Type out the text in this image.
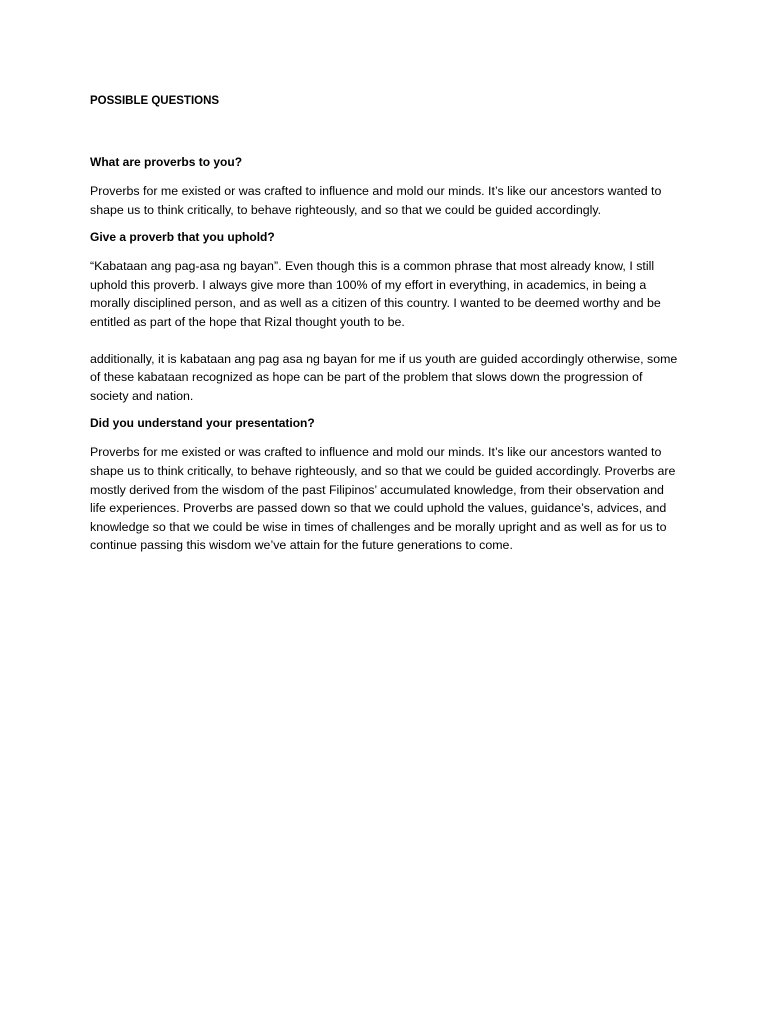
POSSIBLE QUESTIONS
What are proverbs to you?

Proverbs for me existed or was crafted to influence and mold our minds. It’s like our ancestors wanted to shape us to think critically, to behave righteously, and so that we could be guided accordingly.

Give a proverb that you uphold?

“Kabataan ang pag-asa ng bayan”. Even though this is a common phrase that most already know, I still uphold this proverb. I always give more than 100% of my effort in everything, in academics, in being a morally disciplined person, and as well as a citizen of this country. I wanted to be deemed worthy and be entitled as part of the hope that Rizal thought youth to be.

additionally, it is kabataan ang pag asa ng bayan for me if us youth are guided accordingly otherwise, some of these kabataan recognized as hope can be part of the problem that slows down the progression of society and nation.

Did you understand your presentation?

Proverbs for me existed or was crafted to influence and mold our minds. It’s like our ancestors wanted to shape us to think critically, to behave righteously, and so that we could be guided accordingly. Proverbs are mostly derived from the wisdom of the past Filipinos’ accumulated knowledge, from their observation and life experiences. Proverbs are passed down so that we could uphold the values, guidance’s, advices, and knowledge so that we could be wise in times of challenges and be morally upright and as well as for us to continue passing this wisdom we’ve attain for the future generations to come.
